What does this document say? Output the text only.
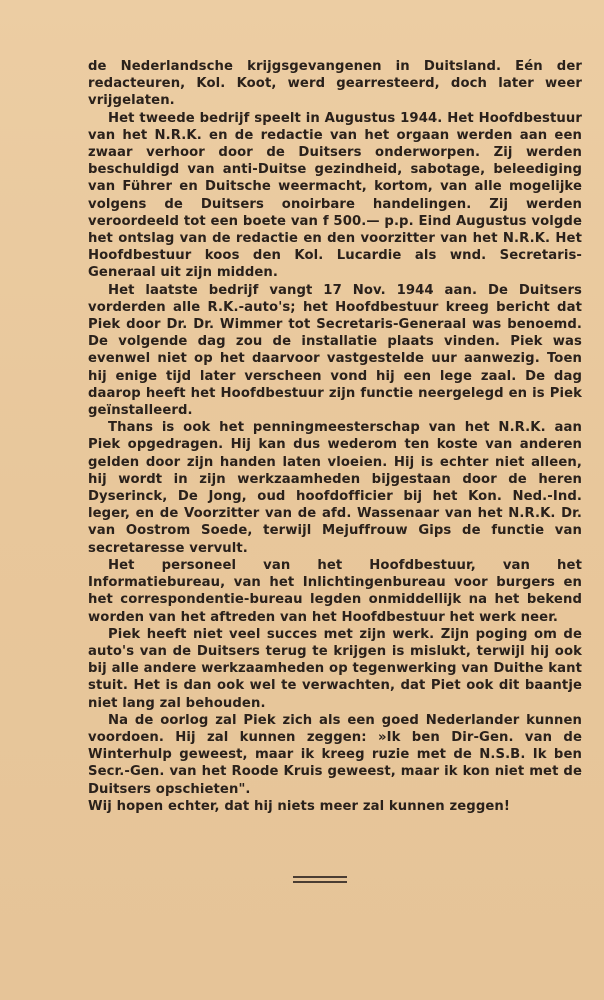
de Nederlandsche krijgsgevangenen in Duitsland. Eén der redacteuren, Kol. Koot, werd gearresteerd, doch later weer vrijgelaten.

Het tweede bedrijf speelt in Augustus 1944. Het Hoofdbestuur van het N.R.K. en de redactie van het orgaan werden aan een zwaar verhoor door de Duitsers onderworpen. Zij werden beschuldigd van anti-Duitse gezindheid, sabotage, beleediging van Führer en Duitsche weermacht, kortom, van alle mogelijke volgens de Duitsers onoirbare handelingen. Zij werden veroordeeld tot een boete van f 500.— p.p. Eind Augustus volgde het ontslag van de redactie en den voorzitter van het N.R.K. Het Hoofdbestuur koos den Kol. Lucardie als wnd. Secretaris-Generaal uit zijn midden.

Het laatste bedrijf vangt 17 Nov. 1944 aan. De Duitsers vorderden alle R.K.-auto's; het Hoofdbestuur kreeg bericht dat Piek door Dr. Dr. Wimmer tot Secretaris-Generaal was benoemd. De volgende dag zou de installatie plaats vinden. Piek was evenwel niet op het daarvoor vastgestelde uur aanwezig. Toen hij enige tijd later verscheen vond hij een lege zaal. De dag daarop heeft het Hoofdbestuur zijn functie neergelegd en is Piek geïnstalleerd.

Thans is ook het penningmeesterschap van het N.R.K. aan Piek opgedragen. Hij kan dus wederom ten koste van anderen gelden door zijn handen laten vloeien. Hij is echter niet alleen, hij wordt in zijn werkzaamheden bijgestaan door de heren Dyserinck, De Jong, oud hoofdofficier bij het Kon. Ned.-Ind. leger, en de Voorzitter van de afd. Wassenaar van het N.R.K. Dr. van Oostrom Soede, terwijl Mejuffrouw Gips de functie van secretaresse vervult.

Het personeel van het Hoofdbestuur, van het Informatiebureau, van het Inlichtingenbureau voor burgers en het correspondentie-bureau legden onmiddellijk na het bekend worden van het aftreden van het Hoofdbestuur het werk neer.

Piek heeft niet veel succes met zijn werk. Zijn poging om de auto's van de Duitsers terug te krijgen is mislukt, terwijl hij ook bij alle andere werkzaamheden op tegenwerking van Duithe kant stuit. Het is dan ook wel te verwachten, dat Piet ook dit baantje niet lang zal behouden.

Na de oorlog zal Piek zich als een goed Nederlander kunnen voordoen. Hij zal kunnen zeggen: »Ik ben Dir-Gen. van de Winterhulp geweest, maar ik kreeg ruzie met de N.S.B. Ik ben Secr.-Gen. van het Roode Kruis geweest, maar ik kon niet met de Duitsers opschieten".

Wij hopen echter, dat hij niets meer zal kunnen zeggen!
